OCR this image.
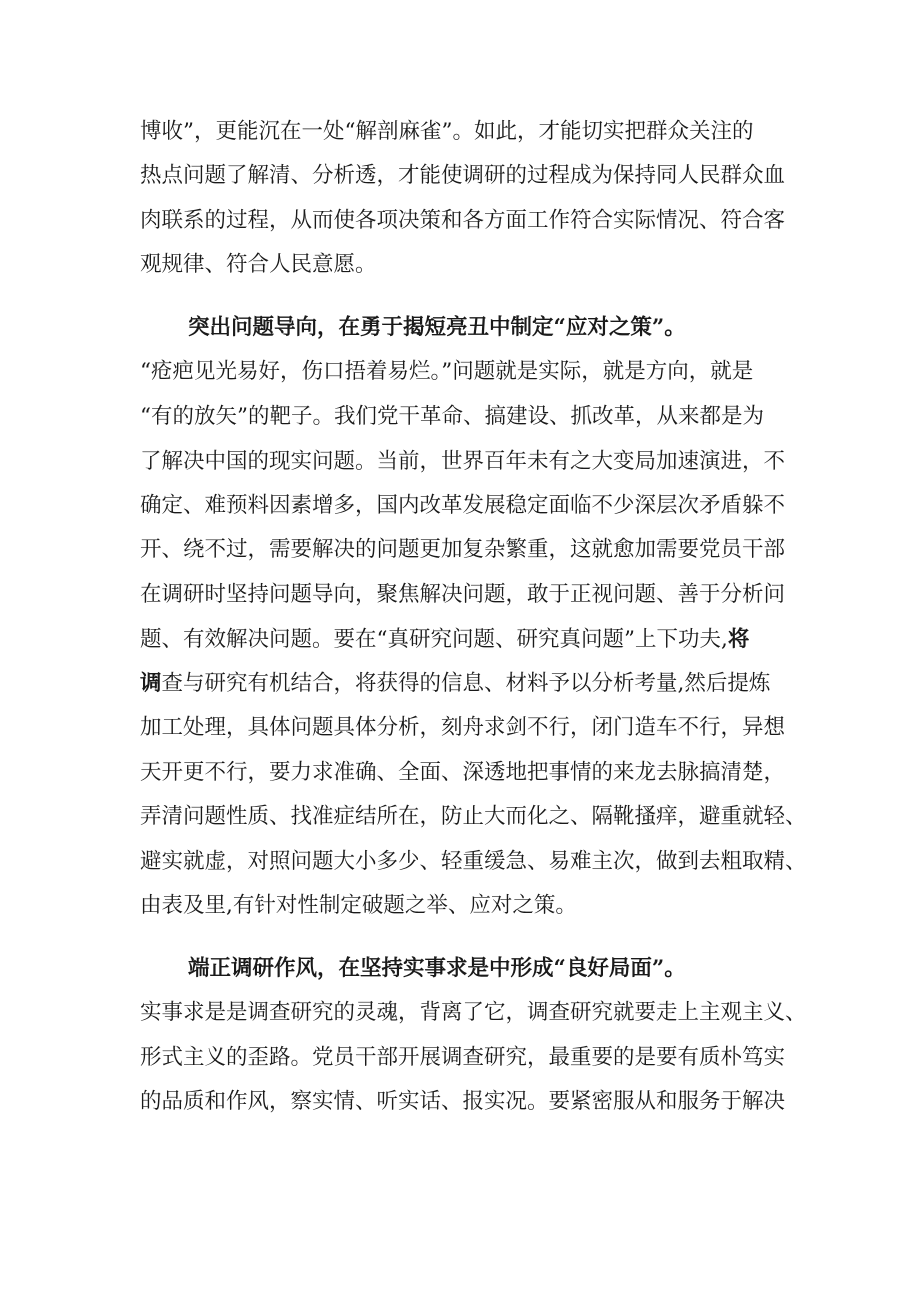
博收”，更能沉在一处“解剖麻雀”。如此，才能切实把群众关注的
热点问题了解清、分析透，才能使调研的过程成为保持同人民群众血
肉联系的过程，从而使各项决策和各方面工作符合实际情况、符合客
观规律、符合人民意愿。
突出问题导向，在勇于揭短亮丑中制定“应对之策”。
“疮疤见光易好，伤口捂着易烂。”问题就是实际，就是方向，就是
“有的放矢”的靶子。我们党干革命、搞建设、抓改革，从来都是为
了解决中国的现实问题。当前，世界百年未有之大变局加速演进，不
确定、难预料因素增多，国内改革发展稳定面临不少深层次矛盾躲不
开、绕不过，需要解决的问题更加复杂繁重，这就愈加需要党员干部
在调研时坚持问题导向，聚焦解决问题，敢于正视问题、善于分析问
题、有效解决问题。要在“真研究问题、研究真问题”上下功夫,
调查与研究有机结合，将获得的信息、材料予以分析考量,然后提炼
加工处理，具体问题具体分析，刻舟求剑不行，闭门造车不行，异想
天开更不行，要力求准确、全面、深透地把事情的来龙去脉搞清楚，
弄清问题性质、找准症结所在，防止大而化之、隔靴搔痒，避重就轻、
避实就虚，对照问题大小多少、轻重缓急、易难主次，做到去粗取精、
由表及里,有针对性制定破题之举、应对之策。
端正调研作风，在坚持实事求是中形成“良好局面”。
实事求是是调查研究的灵魂，背离了它，调查研究就要走上主观主义、
形式主义的歪路。党员干部开展调查研究，最重要的是要有质朴笃实
的品质和作风，察实情、听实话、报实况。要紧密服从和服务于解决
将
